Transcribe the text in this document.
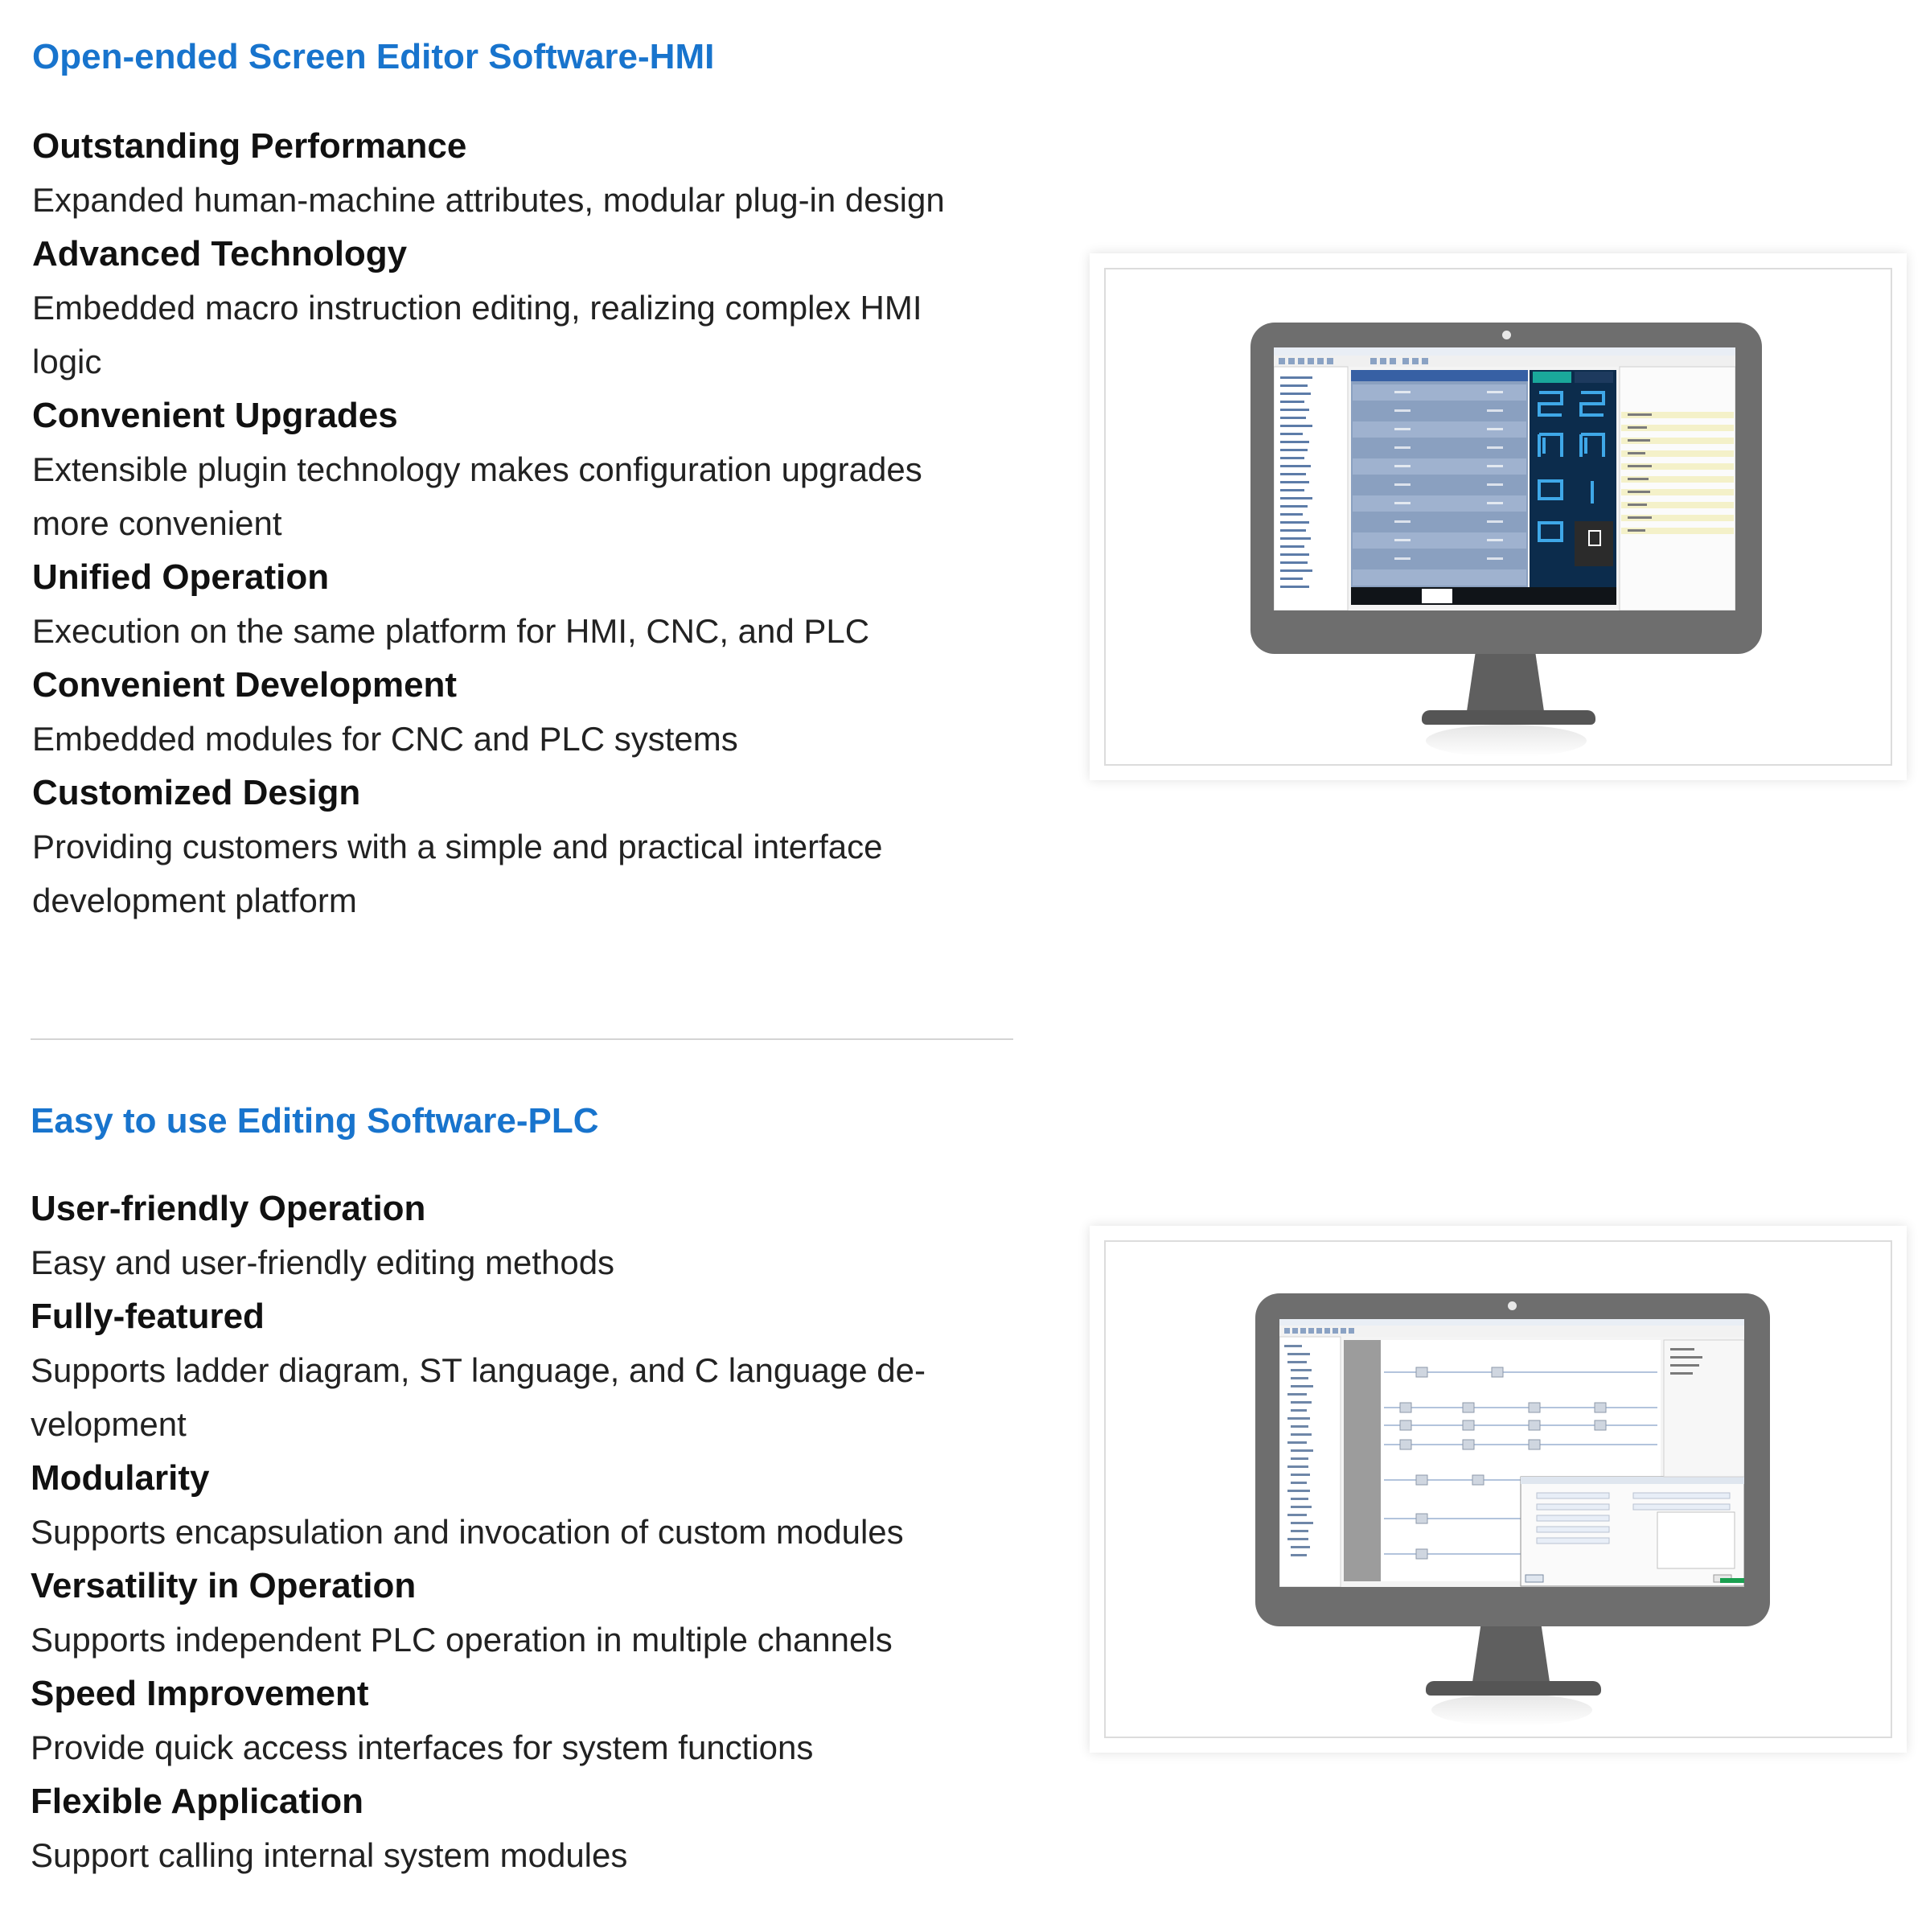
Open-ended Screen Editor Software-HMI
Outstanding Performance
Expanded human-machine attributes, modular plug-in design
Advanced Technology
Embedded macro instruction editing, realizing complex HMI logic
Convenient Upgrades
Extensible plugin technology makes configuration upgrades more convenient
Unified Operation
Execution on the same platform for HMI, CNC, and PLC
Convenient Development
Embedded modules for CNC and PLC systems
Customized Design
Providing customers with a simple and practical interface development platform
Easy to use Editing Software-PLC
User-friendly Operation
Easy and user-friendly editing methods
Fully-featured
Supports ladder diagram, ST language, and C language de-velopment
Modularity
Supports encapsulation and invocation of custom modules
Versatility in Operation
Supports independent PLC operation in multiple channels
Speed Improvement
Provide quick access interfaces for system functions
Flexible Application
Support calling internal system modules
